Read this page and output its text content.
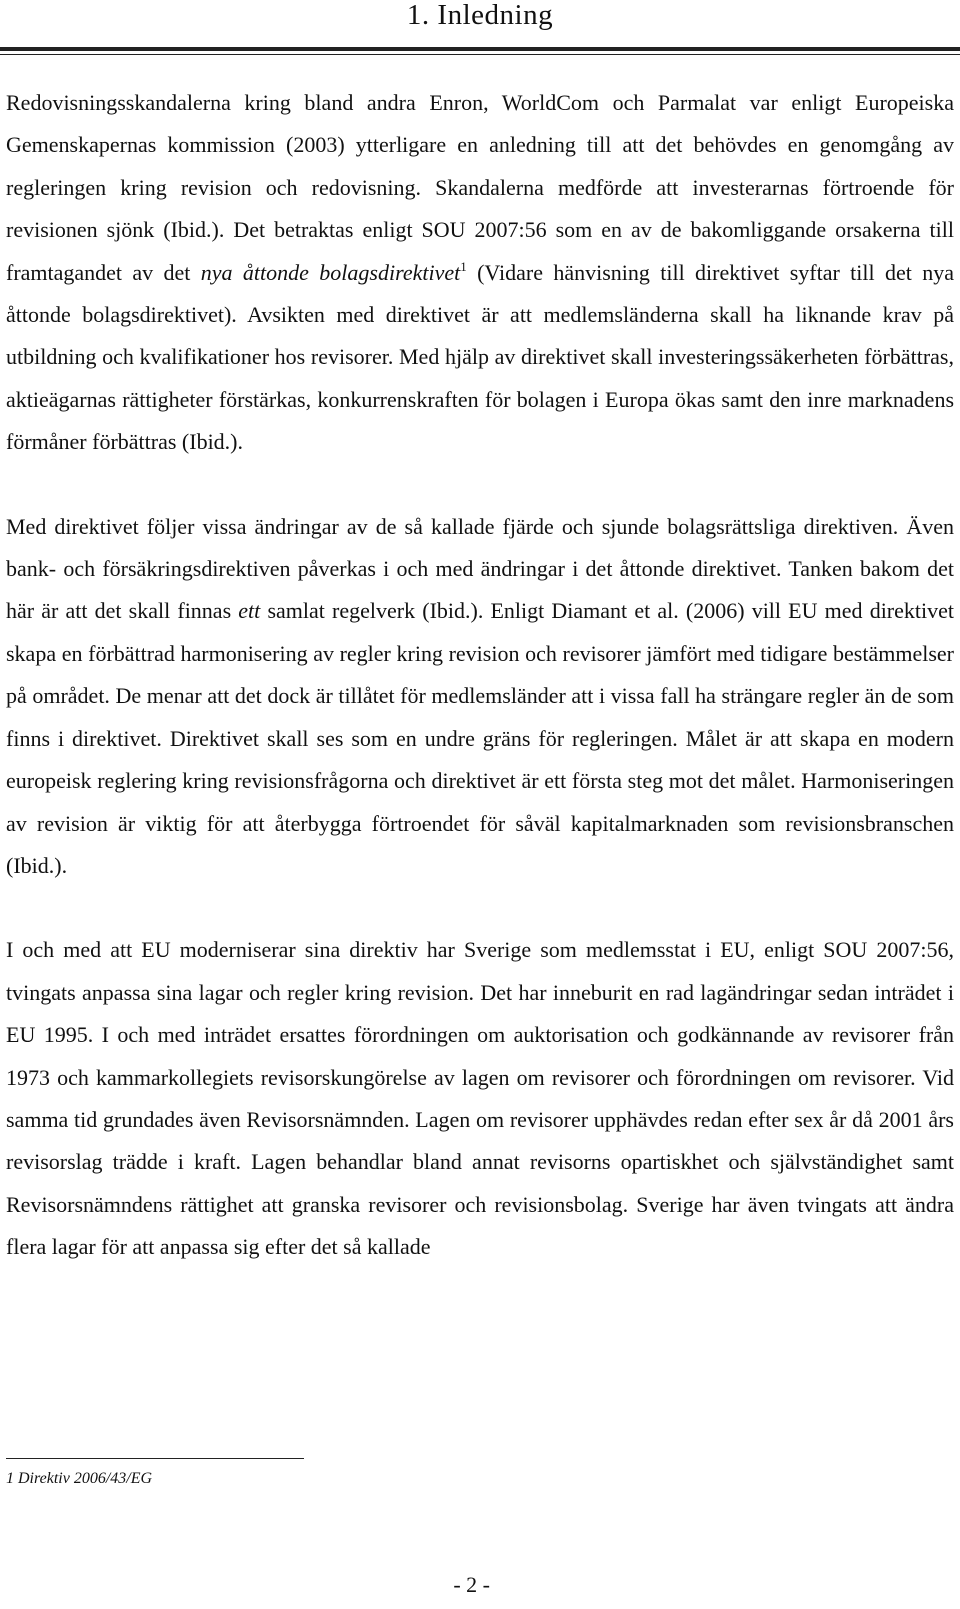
1. Inledning

Redovisningsskandalerna kring bland andra Enron, WorldCom och Parmalat var enligt Europeiska Gemenskapernas kommission (2003) ytterligare en anledning till att det behövdes en genomgång av regleringen kring revision och redovisning. Skandalerna medförde att investerarnas förtroende för revisionen sjönk (Ibid.). Det betraktas enligt SOU 2007:56 som en av de bakomliggande orsakerna till framtagandet av det nya åttonde bolagsdirektivet$^1$ (Vidare hänvisning till direktivet syftar till det nya åttonde bolagsdirektivet). Avsikten med direktivet är att medlemsländerna skall ha liknande krav på utbildning och kvalifikationer hos revisorer. Med hjälp av direktivet skall investeringssäkerheten förbättras, aktieägarnas rättigheter förstärkas, konkurrenskraften för bolagen i Europa ökas samt den inre marknadens förmåner förbättras (Ibid.).

Med direktivet följer vissa ändringar av de så kallade fjärde och sjunde bolagsrättsliga direktiven. Även bank- och försäkringsdirektiven påverkas i och med ändringar i det åttonde direktivet. Tanken bakom det här är att det skall finnas ett samlat regelverk (Ibid.). Enligt Diamant et al. (2006) vill EU med direktivet skapa en förbättrad harmonisering av regler kring revision och revisorer jämfört med tidigare bestämmelser på området. De menar att det dock är tillåtet för medlemsländer att i vissa fall ha strängare regler än de som finns i direktivet. Direktivet skall ses som en undre gräns för regleringen. Målet är att skapa en modern europeisk reglering kring revisionsfrågorna och direktivet är ett första steg mot det målet. Harmoniseringen av revision är viktig för att återbygga förtroendet för såväl kapitalmarknaden som revisionsbranschen (Ibid.).

I och med att EU moderniserar sina direktiv har Sverige som medlemsstat i EU, enligt SOU 2007:56, tvingats anpassa sina lagar och regler kring revision. Det har inneburit en rad lagändringar sedan inträdet i EU 1995. I och med inträdet ersattes förordningen om auktorisation och godkännande av revisorer från 1973 och kammarkollegiets revisorskungörelse av lagen om revisorer och förordningen om revisorer. Vid samma tid grundades även Revisorsnämnden. Lagen om revisorer upphävdes redan efter sex år då 2001 års revisorslag trädde i kraft. Lagen behandlar bland annat revisorns opartiskhet och självständighet samt Revisorsnämndens rättighet att granska revisorer och revisionsbolag. Sverige har även tvingats att ändra flera lagar för att anpassa sig efter det så kallade

1 Direktiv 2006/43/EG
- 2 -
